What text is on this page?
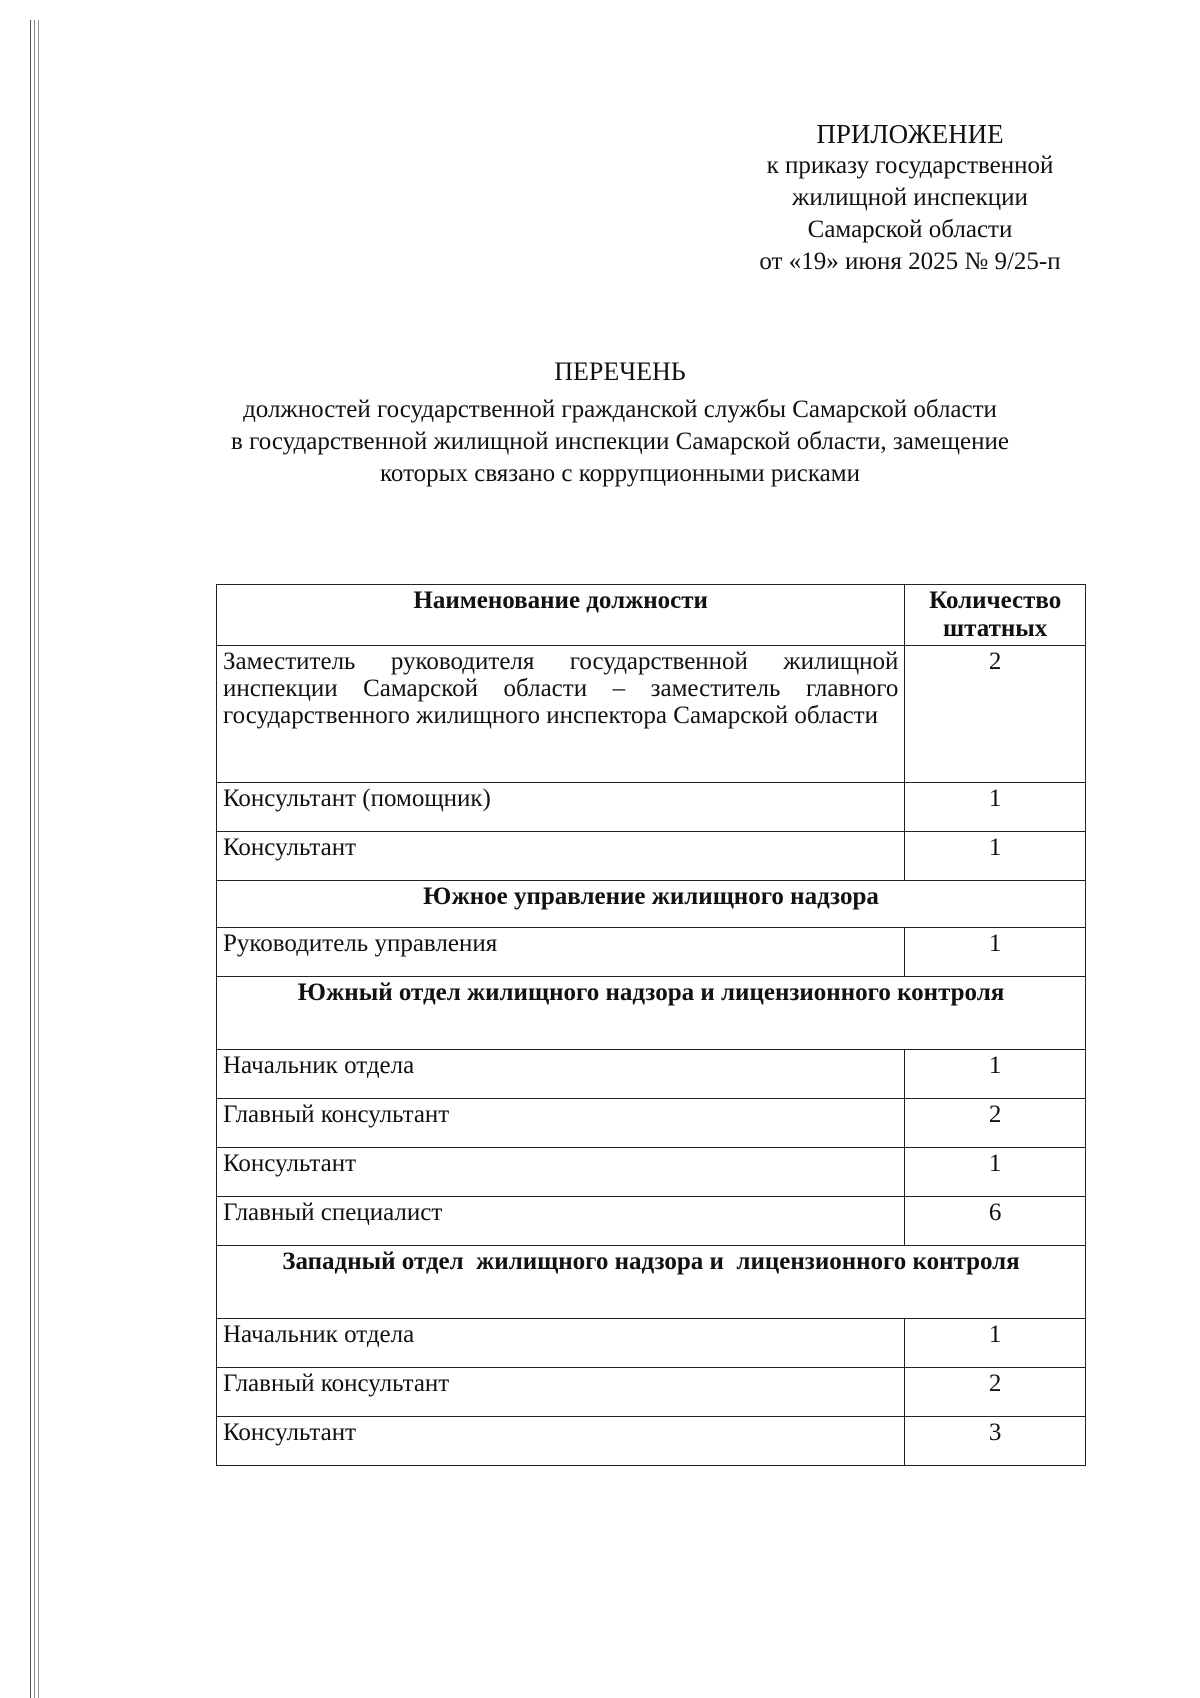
ПРИЛОЖЕНИЕ
к приказу государственной
жилищной инспекции
Самарской области
от «19» июня 2025 № 9/25-п
ПЕРЕЧЕНЬ
должностей государственной гражданской службы Самарской области
в государственной жилищной инспекции Самарской области, замещение
которых связано с коррупционными рисками
Наименование должности	Количество штатных
Заместитель руководителя государственной жилищной инспекции Самарской области – заместитель главного государственного жилищного инспектора Самарской области	2
Консультант (помощник)	1
Консультант	1
Южное управление жилищного надзора	
Руководитель управления	1
Южный отдел жилищного надзора и лицензионного контроля	
Начальник отдела	1
Главный консультант	2
Консультант	1
Главный специалист	6
Западный отдел  жилищного надзора и  лицензионного контроля	
Начальник отдела	1
Главный консультант	2
Консультант	3
